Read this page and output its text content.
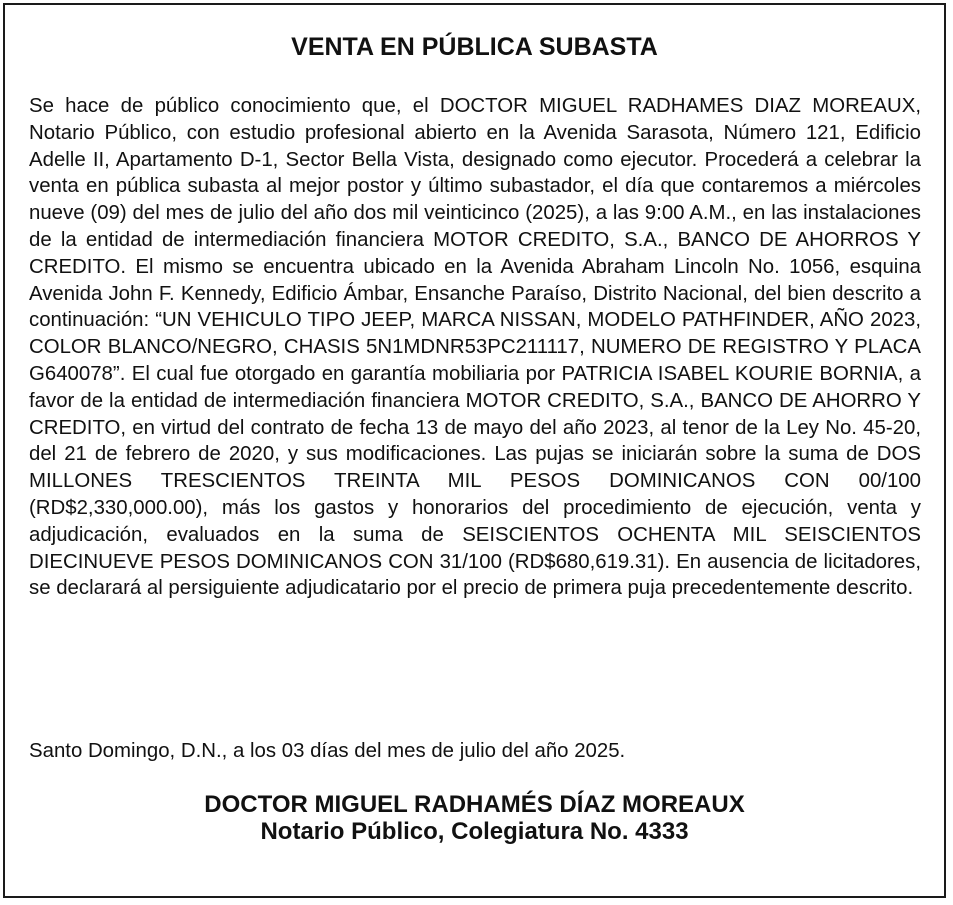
VENTA EN PÚBLICA SUBASTA
Se hace de público conocimiento que, el DOCTOR MIGUEL RADHAMES DIAZ MOREAUX, Notario Público, con estudio profesional abierto en la Avenida Sarasota, Número 121, Edificio Adelle II, Apartamento D-1, Sector Bella Vista, designado como ejecutor. Procederá a celebrar la venta en pública subasta al mejor postor y último subastador, el día que contaremos a miércoles nueve (09) del mes de julio del año dos mil veinticinco (2025), a las 9:00 A.M., en las instalaciones de la entidad de intermediación financiera MOTOR CREDITO, S.A., BANCO DE AHORROS Y CREDITO. El mismo se encuentra ubicado en la Avenida Abraham Lincoln No. 1056, esquina Avenida John F. Kennedy, Edificio Ámbar, Ensanche Paraíso, Distrito Nacional, del bien descrito a continuación: “UN VEHICULO TIPO JEEP, MARCA NISSAN, MODELO PATHFINDER, AÑO 2023, COLOR BLANCO/NEGRO, CHASIS 5N1MDNR53PC211117, NUMERO DE REGISTRO Y PLACA G640078”. El cual fue otorgado en garantía mobiliaria por PATRICIA ISABEL KOURIE BORNIA, a favor de la entidad de intermediación financiera MOTOR CREDITO, S.A., BANCO DE AHORRO Y CREDITO, en virtud del contrato de fecha 13 de mayo del año 2023, al tenor de la Ley No. 45-20, del 21 de febrero de 2020, y sus modificaciones. Las pujas se iniciarán sobre la suma de DOS MILLONES TRESCIENTOS TREINTA MIL PESOS DOMINICANOS CON 00/100 (RD$2,330,000.00), más los gastos y honorarios del procedimiento de ejecución, venta y adjudicación, evaluados en la suma de SEISCIENTOS OCHENTA MIL SEISCIENTOS DIECINUEVE PESOS DOMINICANOS CON 31/100 (RD$680,619.31). En ausencia de licitadores, se declarará al persiguiente adjudicatario por el precio de primera puja precedentemente descrito.
Santo Domingo, D.N., a los 03 días del mes de julio del año 2025.
DOCTOR MIGUEL RADHAMÉS DÍAZ MOREAUX
Notario Público, Colegiatura No. 4333
